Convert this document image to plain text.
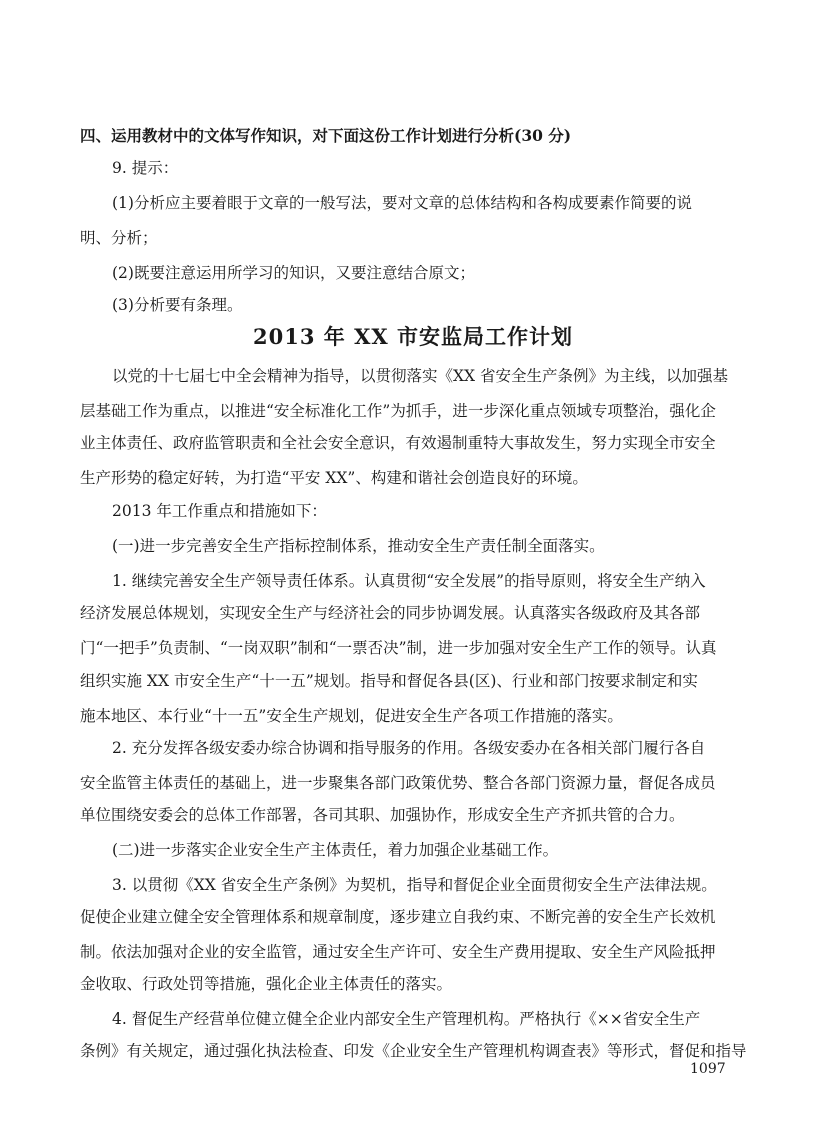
四、运用教材中的文体写作知识，对下面这份工作计划进行分析(30 分)
9. 提示：
(1)分析应主要着眼于文章的一般写法，要对文章的总体结构和各构成要素作简要的说
明、分析；
(2)既要注意运用所学习的知识，又要注意结合原文；
(3)分析要有条理。
2013 年 XX 市安监局工作计划
以党的十七届七中全会精神为指导，以贯彻落实《XX 省安全生产条例》为主线，以加强基
层基础工作为重点，以推进“安全标准化工作”为抓手，进一步深化重点领域专项整治，强化企
业主体责任、政府监管职责和全社会安全意识，有效遏制重特大事故发生，努力实现全市安全
生产形势的稳定好转，为打造“平安 XX”、构建和谐社会创造良好的环境。
2013 年工作重点和措施如下：
(一)进一步完善安全生产指标控制体系，推动安全生产责任制全面落实。
1. 继续完善安全生产领导责任体系。认真贯彻“安全发展”的指导原则，将安全生产纳入
经济发展总体规划，实现安全生产与经济社会的同步协调发展。认真落实各级政府及其各部
门“一把手”负责制、“一岗双职”制和“一票否决”制，进一步加强对安全生产工作的领导。认真
组织实施 XX 市安全生产“十一五”规划。指导和督促各县(区)、行业和部门按要求制定和实
施本地区、本行业“十一五”安全生产规划，促进安全生产各项工作措施的落实。
2. 充分发挥各级安委办综合协调和指导服务的作用。各级安委办在各相关部门履行各自
安全监管主体责任的基础上，进一步聚集各部门政策优势、整合各部门资源力量，督促各成员
单位围绕安委会的总体工作部署，各司其职、加强协作，形成安全生产齐抓共管的合力。
(二)进一步落实企业安全生产主体责任，着力加强企业基础工作。
3. 以贯彻《XX 省安全生产条例》为契机，指导和督促企业全面贯彻安全生产法律法规。
促使企业建立健全安全管理体系和规章制度，逐步建立自我约束、不断完善的安全生产长效机
制。依法加强对企业的安全监管，通过安全生产许可、安全生产费用提取、安全生产风险抵押
金收取、行政处罚等措施，强化企业主体责任的落实。
4. 督促生产经营单位健立健全企业内部安全生产管理机构。严格执行《××省安全生产
条例》有关规定，通过强化执法检查、印发《企业安全生产管理机构调查表》等形式，督促和指导
1097
